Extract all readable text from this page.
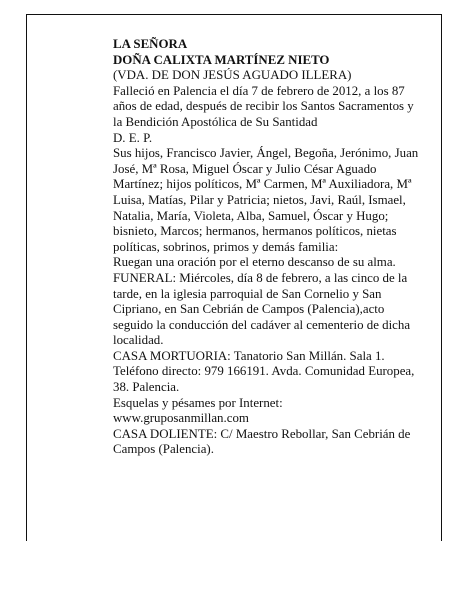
LA SEÑORA

DOÑA CALIXTA MARTÍNEZ NIETO

(VDA. DE DON JESÚS AGUADO ILLERA)

Falleció en Palencia el día 7 de febrero de 2012, a los 87 años de edad, después de recibir los Santos Sacramentos y la Bendición Apostólica de Su Santidad

D. E. P.

Sus hijos, Francisco Javier, Ángel, Begoña, Jerónimo, Juan José, Mª Rosa, Miguel Óscar y Julio César Aguado Martínez; hijos políticos, Mª Carmen, Mª Auxiliadora, Mª Luisa, Matías, Pilar y Patricia; nietos, Javi, Raúl, Ismael, Natalia, María, Violeta, Alba, Samuel, Óscar y Hugo; bisnieto, Marcos; hermanos, hermanos políticos, nietas políticas, sobrinos, primos y demás familia:

Ruegan una oración por el eterno descanso de su alma.

FUNERAL: Miércoles, día 8 de febrero, a las cinco de la tarde, en la iglesia parroquial de San Cornelio y San Cipriano, en San Cebrián de Campos (Palencia),acto seguido la conducción del cadáver al cementerio de dicha localidad.

CASA MORTUORIA: Tanatorio San Millán. Sala 1. Teléfono directo: 979 166191. Avda. Comunidad Europea, 38. Palencia.

Esquelas y pésames por Internet:

www.gruposanmillan.com

CASA DOLIENTE: C/ Maestro Rebollar, San Cebrián de Campos (Palencia).
